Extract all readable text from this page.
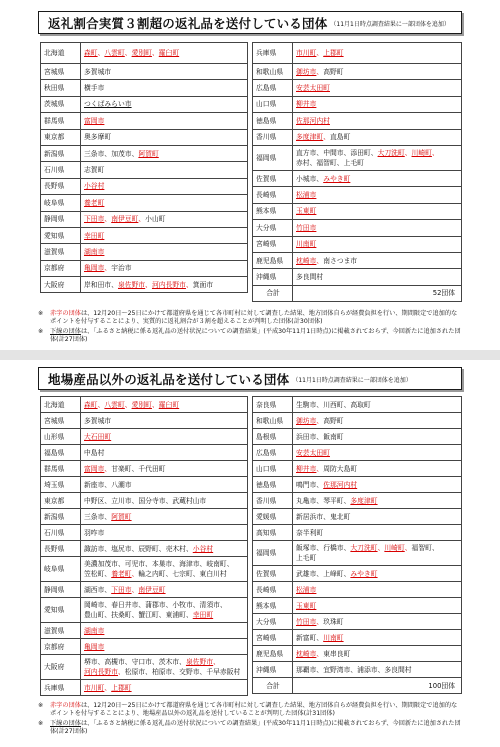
返礼割合実質３割超の返礼品を送付している団体 （11月1日時点調査結果に一部団体を追加）
北海道	森町、八雲町、愛別町、羅臼町
宮城県	多賀城市
秋田県	横手市
茨城県	つくばみらい市
群馬県	富岡市
東京都	奥多摩町
新潟県	三条市、加茂市、阿賀町
石川県	志賀町
長野県	小谷村
岐阜県	養老町
静岡県	下田市、南伊豆町、小山町
愛知県	幸田町
滋賀県	湖南市
京都府	亀岡市、宇治市
大阪府	岸和田市、泉佐野市、河内長野市、箕面市
兵庫県	市川町、上郡町
和歌山県	御坊市、高野町
広島県	安芸太田町
山口県	柳井市
徳島県	佐那河内村
香川県	多度津町、直島町
福岡県	直方市、中間市、添田町、大刀洗町、川崎町、赤村、福智町、上毛町
佐賀県	小城市、みやき町
長崎県	松浦市
熊本県	玉東町
大分県	竹田市
宮崎県	川南町
鹿児島県	枕崎市、南さつま市
沖縄県	多良間村
合計	52団体
※ 赤字の団体は、12月20日～25日にかけて都道府県を通じて各市町村に対して調査した結果、地方団体自らが経費負担を行い、期間限定で追加的なポイントを付与することにより、実質的に返礼割合が３割を超えることが判明した団体(計30団体)
※ 下線の団体は、「ふるさと納税に係る返礼品の送付状況についての調査結果」(平成30年11月1日時点)に掲載されておらず、今回新たに追加された団体(計27団体)
地場産品以外の返礼品を送付している団体 （11月1日時点調査結果に一部団体を追加）
北海道	森町、八雲町、愛別町、羅臼町
宮城県	多賀城市
山形県	大石田町
福島県	中島村
群馬県	富岡市、甘楽町、千代田町
埼玉県	新座市、八潮市
東京都	中野区、立川市、国分寺市、武蔵村山市
新潟県	三条市、阿賀町
石川県	羽咋市
長野県	諏訪市、塩尻市、辰野町、売木村、小谷村
岐阜県	美濃加茂市、可児市、本巣市、海津市、岐南町、笠松町、養老町、輪之内町、七宗町、東白川村
静岡県	湖西市、下田市、南伊豆町
愛知県	岡崎市、春日井市、蒲郡市、小牧市、清須市、豊山町、扶桑町、蟹江町、東浦町、幸田町
滋賀県	湖南市
京都府	亀岡市
大阪府	堺市、高槻市、守口市、茨木市、泉佐野市、河内長野市、松原市、柏原市、交野市、千早赤阪村
兵庫県	市川町、上郡町
奈良県	生駒市、川西町、高取町
和歌山県	御坊市、高野町
島根県	浜田市、飯南町
広島県	安芸太田町
山口県	柳井市、周防大島町
徳島県	鳴門市、佐那河内村
香川県	丸亀市、琴平町、多度津町
愛媛県	新居浜市、鬼北町
高知県	奈半利町
福岡県	飯塚市、行橋市、大刀洗町、川崎町、福智町、上毛町
佐賀県	武雄市、上峰町、みやき町
長崎県	松浦市
熊本県	玉東町
大分県	竹田市、玖珠町
宮崎県	新富町、川南町
鹿児島県	枕崎市、東串良町
沖縄県	那覇市、宜野湾市、浦添市、多良間村
合計	100団体
※ 赤字の団体は、12月20日～25日にかけて都道府県を通じて各市町村に対して調査した結果、地方団体自らが経費負担を行い、期間限定で追加的なポイントを付与することにより、地場産品以外の返礼品を送付していることが判明した団体(計31団体)
※ 下線の団体は、「ふるさと納税に係る返礼品の送付状況についての調査結果」(平成30年11月1日時点)に掲載されておらず、今回新たに追加された団体(計27団体)
